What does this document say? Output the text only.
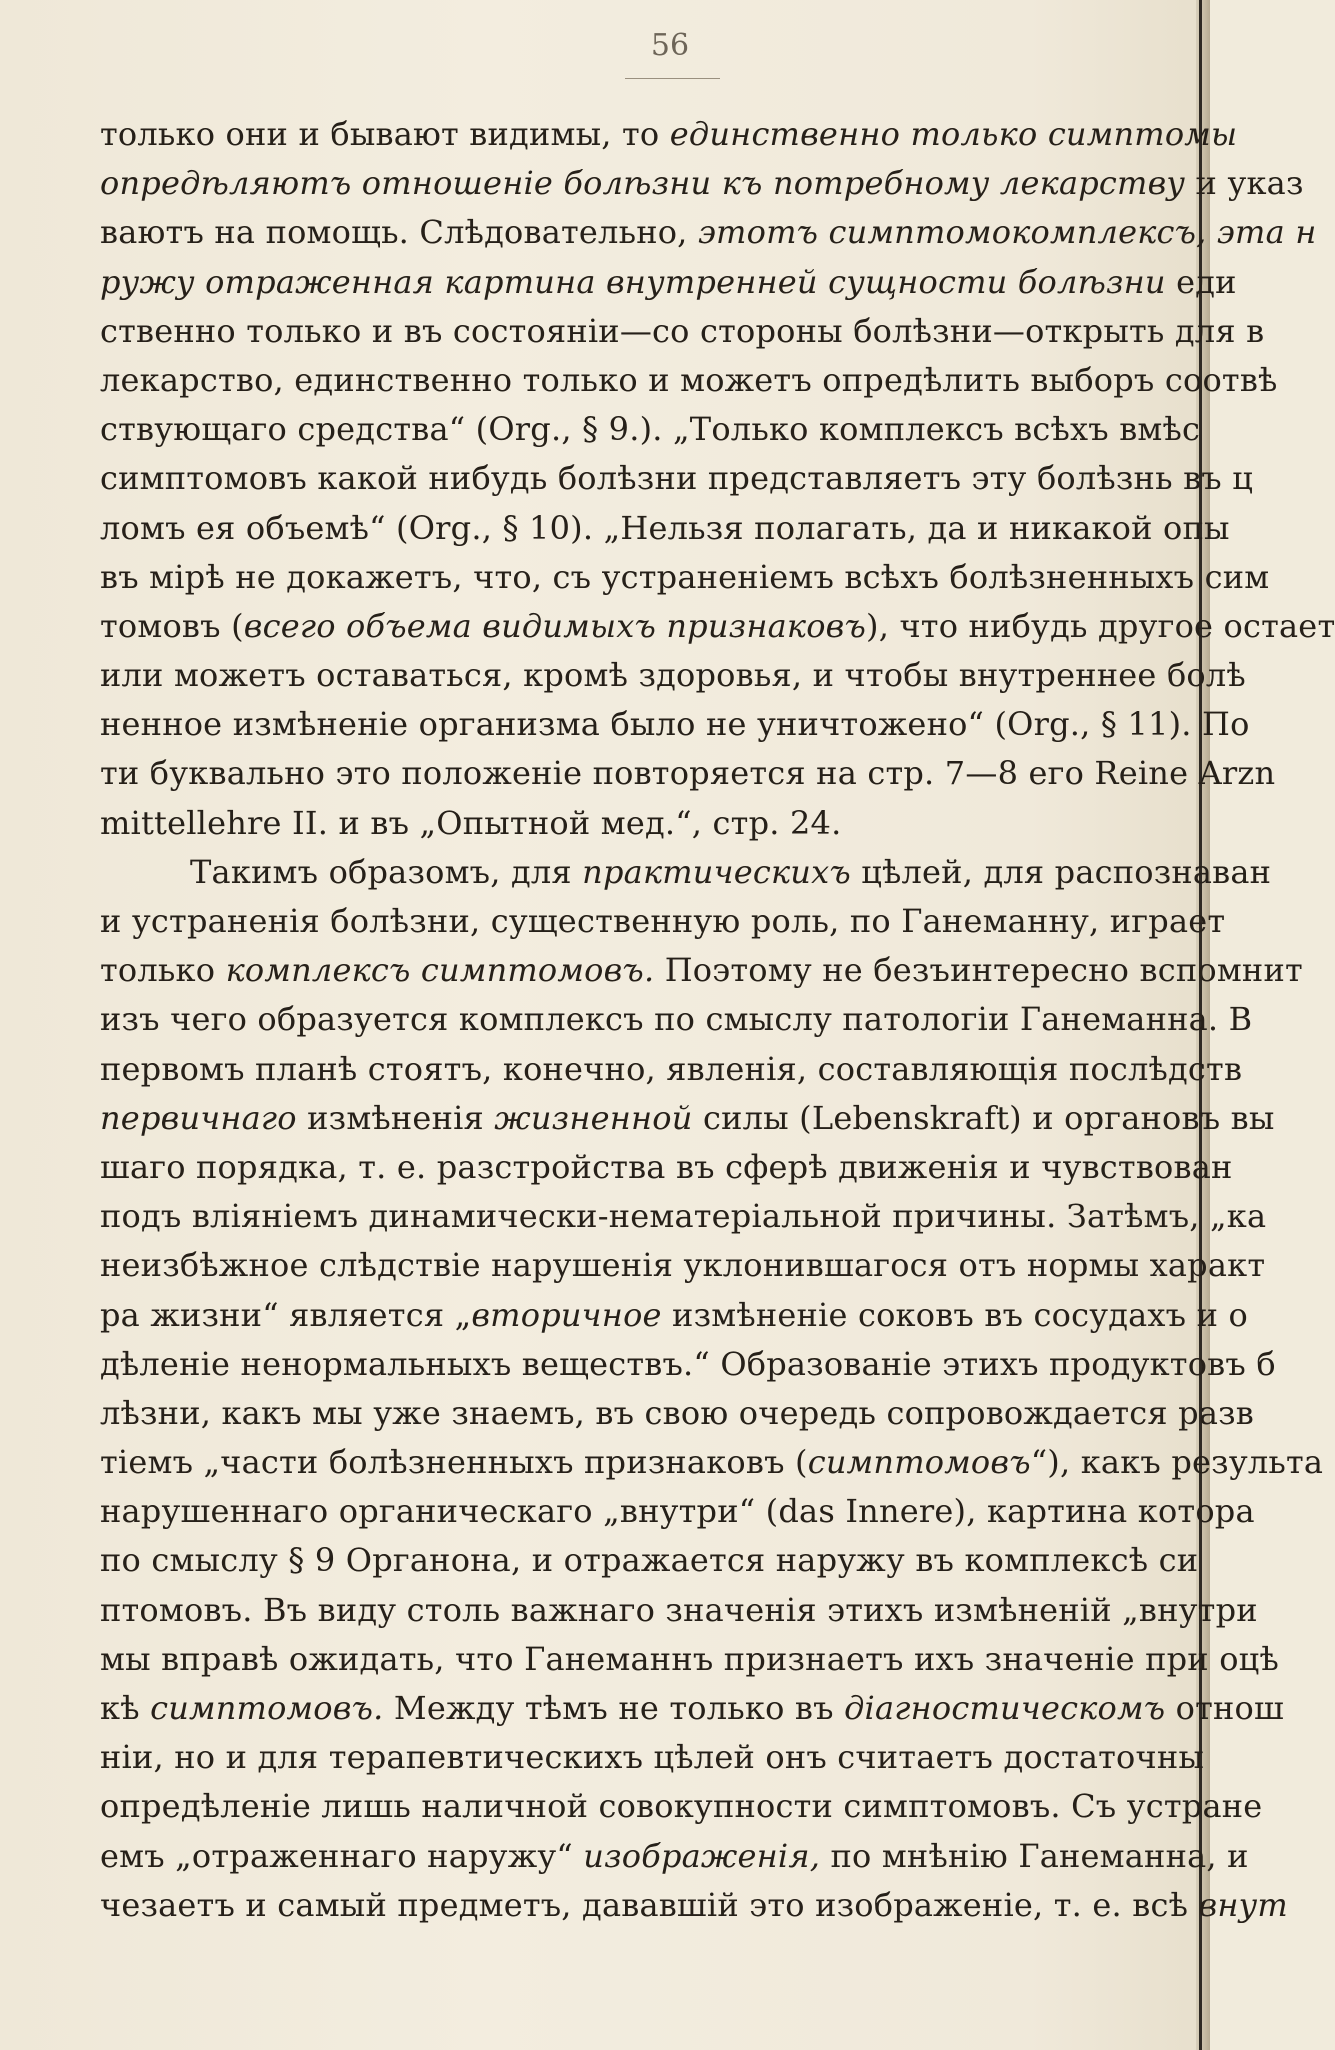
56
только они и бывают видимы, то единственно только симптомы
опредѣляютъ отношеніе болѣзни къ потребному лекарству и указ
ваютъ на помощь. Слѣдовательно, этотъ симптомокомплексъ, эта н
ружу отраженная картина внутренней сущности болѣзни еди
ственно только и въ состояніи—со стороны болѣзни—открыть для в
лекарство, единственно только и можетъ опредѣлить выборъ соотвѣ
ствующаго средства“ (Org., § 9.). „Только комплексъ всѣхъ вмѣс
симптомовъ какой нибудь болѣзни представляетъ эту болѣзнь въ ц
ломъ ея объемѣ“ (Org., § 10). „Нельзя полагать, да и никакой опы
въ мірѣ не докажетъ, что, съ устраненіемъ всѣхъ болѣзненныхъ сим
томовъ (всего объема видимыхъ признаковъ), что нибудь другое остает
или можетъ оставаться, кромѣ здоровья, и чтобы внутреннее болѣ
ненное измѣненіе организма было не уничтожено“ (Org., § 11). По
ти буквально это положеніе повторяется на стр. 7—8 его Reine Arzn
mittellehre II. и въ „Опытной мед.“, стр. 24.
Такимъ образомъ, для практическихъ цѣлей, для распознаван
и устраненія болѣзни, существенную роль, по Ганеманну, играет
только комплексъ симптомовъ. Поэтому не безъинтересно вспомнит
изъ чего образуется комплексъ по смыслу патологіи Ганеманна. В
первомъ планѣ стоятъ, конечно, явленія, составляющія послѣдств
первичнаго измѣненія жизненной силы (Lebenskraft) и органовъ вы
шаго порядка, т. е. разстройства въ сферѣ движенія и чувствован
подъ вліяніемъ динамически-нематеріальной причины. Затѣмъ, „ка
неизбѣжное слѣдствіе нарушенія уклонившагося отъ нормы характ
ра жизни“ является „вторичное измѣненіе соковъ въ сосудахъ и о
дѣленіе ненормальныхъ веществъ.“ Образованіе этихъ продуктовъ б
лѣзни, какъ мы уже знаемъ, въ свою очередь сопровождается разв
тіемъ „части болѣзненныхъ признаковъ (симптомовъ“), какъ результа
нарушеннаго органическаго „внутри“ (das Innere), картина котора
по смыслу § 9 Органона, и отражается наружу въ комплексѣ си
птомовъ. Въ виду столь важнаго значенія этихъ измѣненій „внутри
мы вправѣ ожидать, что Ганеманнъ признаетъ ихъ значеніе при оцѣ
кѣ симптомовъ. Между тѣмъ не только въ діагностическомъ отнош
ніи, но и для терапевтическихъ цѣлей онъ считаетъ достаточны
опредѣленіе лишь наличной совокупности симптомовъ. Съ устране
емъ „отраженнаго наружу“ изображенія, по мнѣнію Ганеманна, и
чезаетъ и самый предметъ, дававшій это изображеніе, т. е. всѣ внут
